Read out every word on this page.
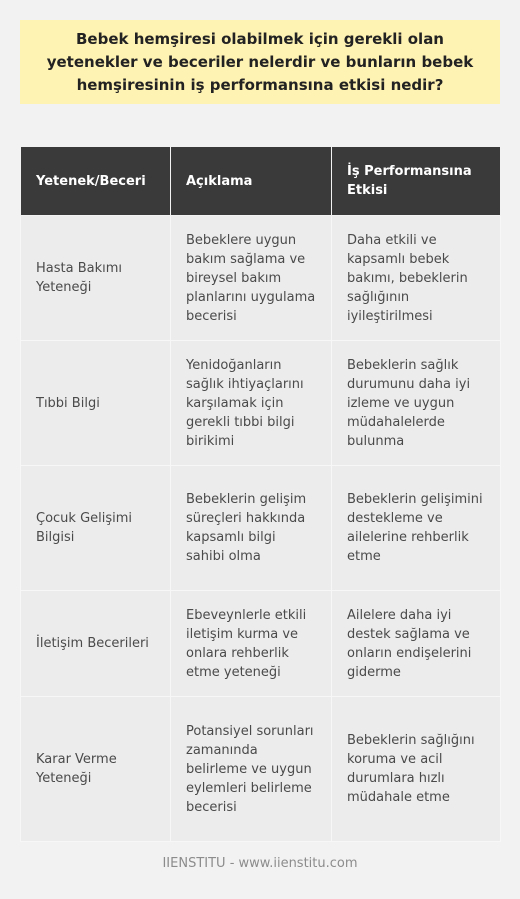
Bebek hemşiresi olabilmek için gerekli olan yetenekler ve beceriler nelerdir ve bunların bebek hemşiresinin iş performansına etkisi nedir?
Yetenek/Beceri	Açıklama	İş Performansına Etkisi
Hasta Bakımı Yeteneği	Bebeklere uygun bakım sağlama ve bireysel bakım planlarını uygulama becerisi	Daha etkili ve kapsamlı bebek bakımı, bebeklerin sağlığının iyileştirilmesi
Tıbbi Bilgi	Yenidoğanların sağlık ihtiyaçlarını karşılamak için gerekli tıbbi bilgi birikimi	Bebeklerin sağlık durumunu daha iyi izleme ve uygun müdahalelerde bulunma
Çocuk Gelişimi Bilgisi	Bebeklerin gelişim süreçleri hakkında kapsamlı bilgi sahibi olma	Bebeklerin gelişimini destekleme ve ailelerine rehberlik etme
İletişim Becerileri	Ebeveynlerle etkili iletişim kurma ve onlara rehberlik etme yeteneği	Ailelere daha iyi destek sağlama ve onların endişelerini giderme
Karar Verme Yeteneği	Potansiyel sorunları zamanında belirleme ve uygun eylemleri belirleme becerisi	Bebeklerin sağlığını koruma ve acil durumlara hızlı müdahale etme
IIENSTITU - www.iienstitu.com
